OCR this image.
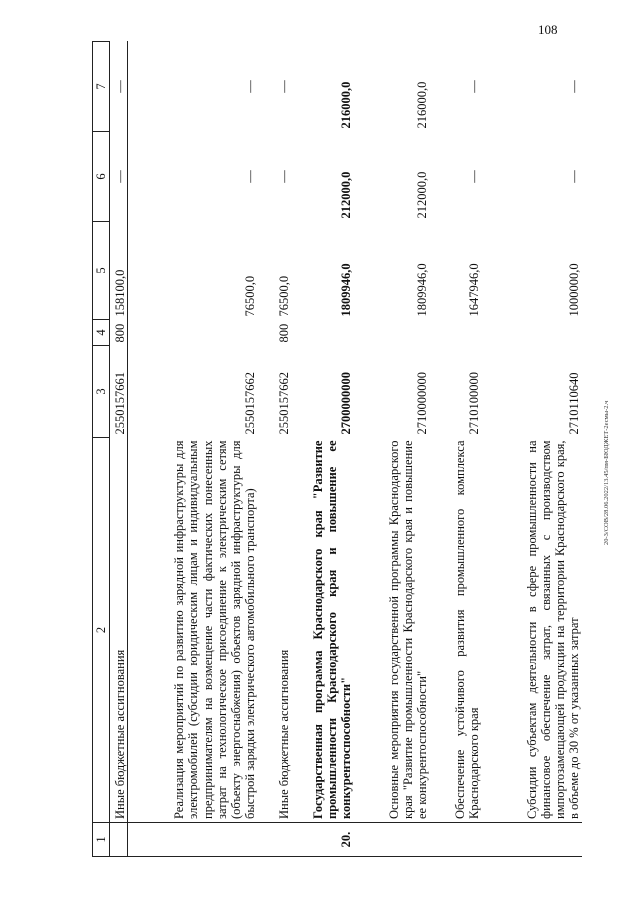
108
1	2	3	4	5	6	7
	Иные бюджетные ассигнования	2550157661	800	158100,0	—	—
	Реализация мероприятий по развитию зарядной инфраструктуры для электромобилей (субсидии юридическим лицам и индивидуальным предпринимателям на возмещение части фактических понесенных затрат на технологическое присоединение к электрическим сетям (объекту энергоснабжения) объектов зарядной инфраструктуры для быстрой зарядки электрического автомобильного транспорта)	2550157662		76500,0	—	—
	Иные бюджетные ассигнования	2550157662	800	76500,0	—	—
20.	Государственная программа Краснодарского края "Развитие промышленности Краснодарского края и повышение ее конкурентоспособности"	2700000000		1809946,0	212000,0	216000,0
	Основные мероприятия государственной программы Краснодарского края "Развитие промышленности Краснодарского края и повышение ее конкурентоспособности"	2710000000		1809946,0	212000,0	216000,0
	Обеспечение устойчивого развития промышленного комплекса Краснодарского края	2710100000		1647946,0	—	—
	Субсидии субъектам деятельности в сфере промышленности на финансовое обеспечение затрат, связанных с производством импортозамещающей продукции на территории Краснодарского края, в объеме до 30 % от указанных затрат	2710110640		1000000,0	—	—
20-3/СОВ/28.06.2022/13.45/пм-БЮДЖЕТ-2есмы-2.ч
